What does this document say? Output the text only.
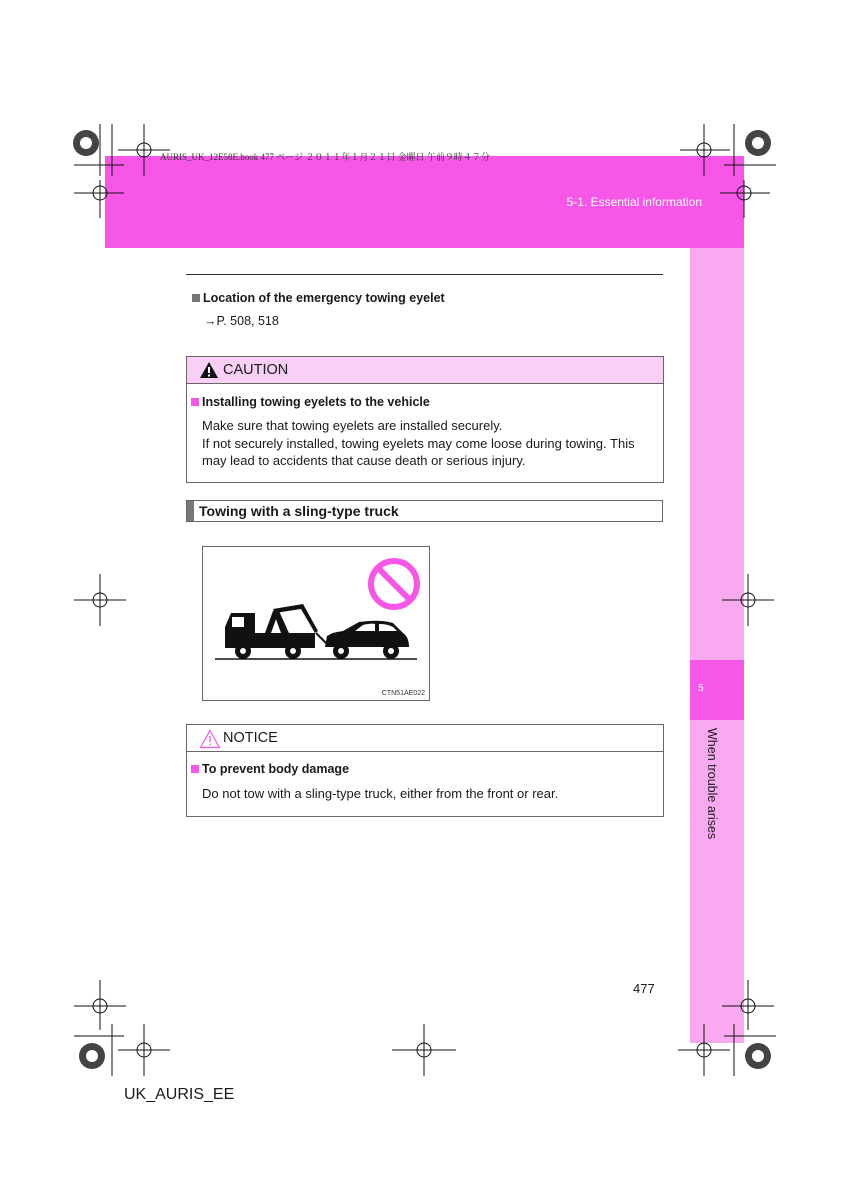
AURIS_UK_12E58E.book 477 ページ ２０１１年１月２１日 金曜日 午前９時４７分
5-1. Essential information
5
When trouble arises
Location of the emergency towing eyelet
→P. 508, 518
CAUTION
Installing towing eyelets to the vehicle
Make sure that towing eyelets are installed securely.
If not securely installed, towing eyelets may come loose during towing. This
may lead to accidents that cause death or serious injury.
Towing with a sling-type truck
CTN51AE022
NOTICE
To prevent body damage
Do not tow with a sling-type truck, either from the front or rear.
477
UK_AURIS_EE
